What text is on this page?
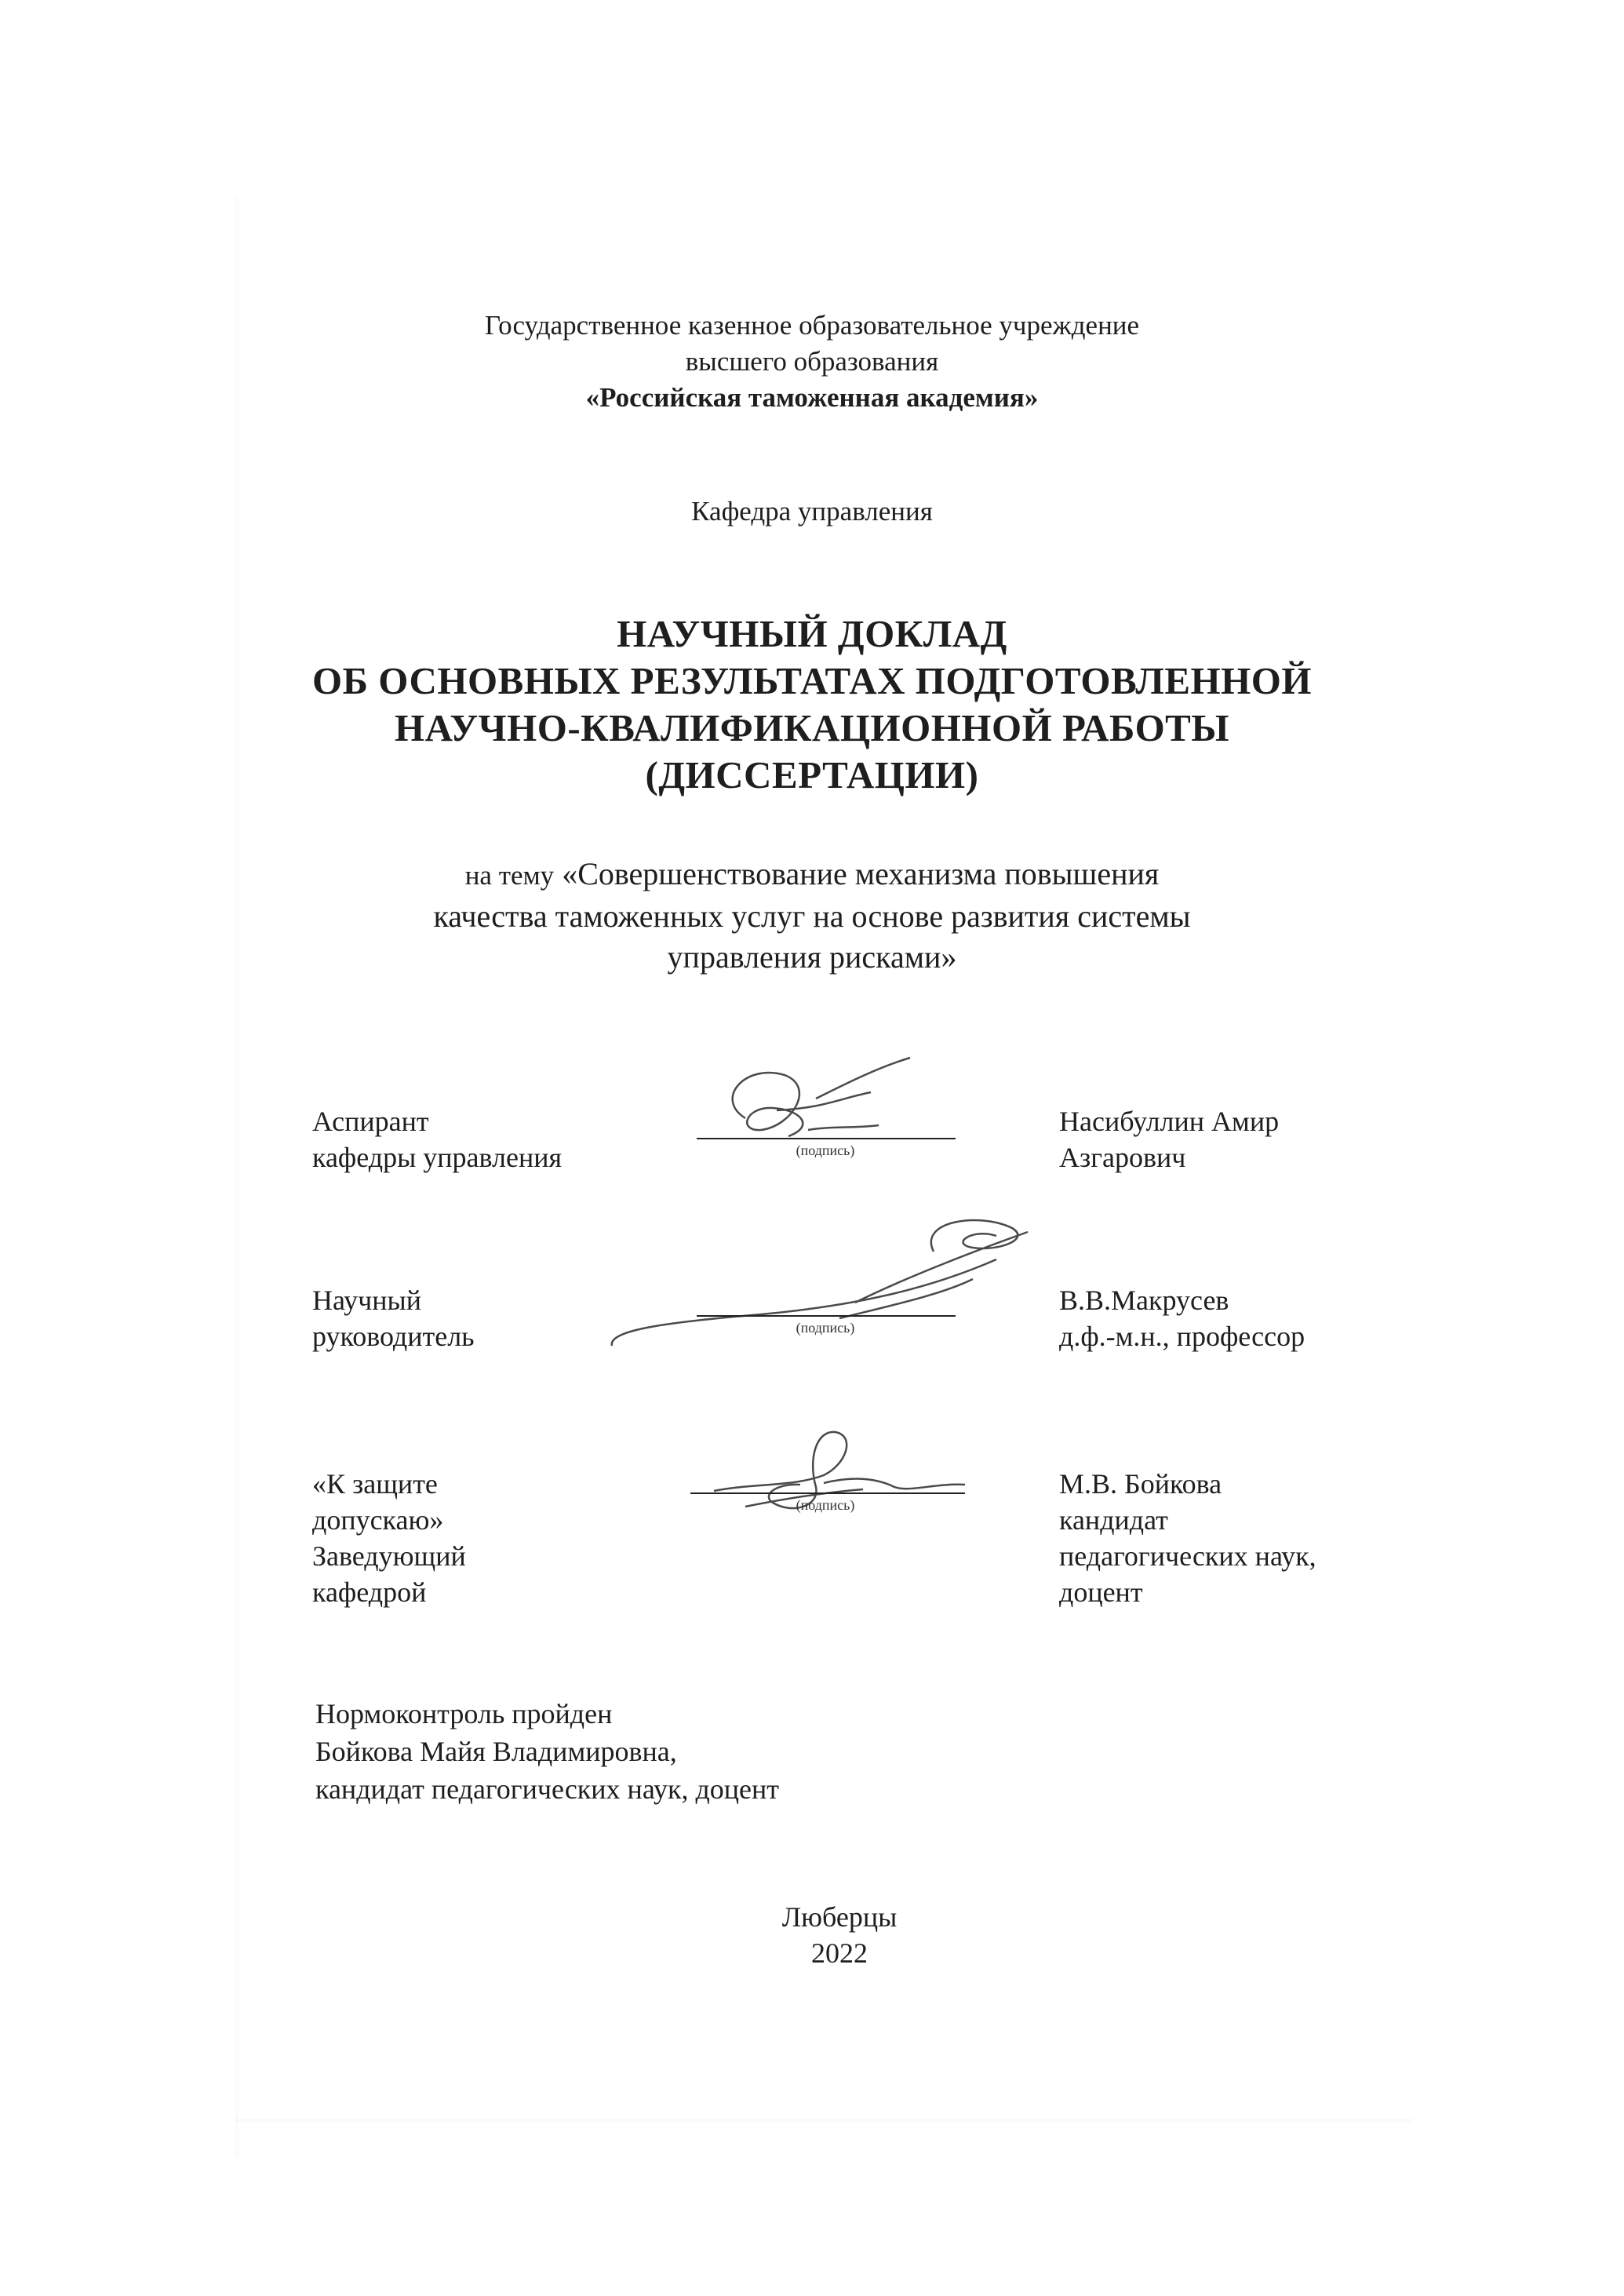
Государственное казенное образовательное учреждение
высшего образования
«Российская таможенная академия»
Кафедра управления
НАУЧНЫЙ ДОКЛАД
ОБ ОСНОВНЫХ РЕЗУЛЬТАТАХ ПОДГОТОВЛЕННОЙ
НАУЧНО-КВАЛИФИКАЦИОННОЙ РАБОТЫ
(ДИССЕРТАЦИИ)
на тему «Совершенствование механизма повышения
качества таможенных услуг на основе развития системы
управления рисками»
Аспирант
кафедры управления	(подпись)
Насибуллин Амир
Азгарович
Научный
руководитель	(подпись)
В.В.Макрусев
д.ф.-м.н., профессор
«К защите
допускаю»
Заведующий
кафедрой
(подпись)
М.В. Бойкова
кандидат
педагогических наук,
доцент
Нормоконтроль пройден
Бойкова Майя Владимировна,
кандидат педагогических наук, доцент
Люберцы
2022
